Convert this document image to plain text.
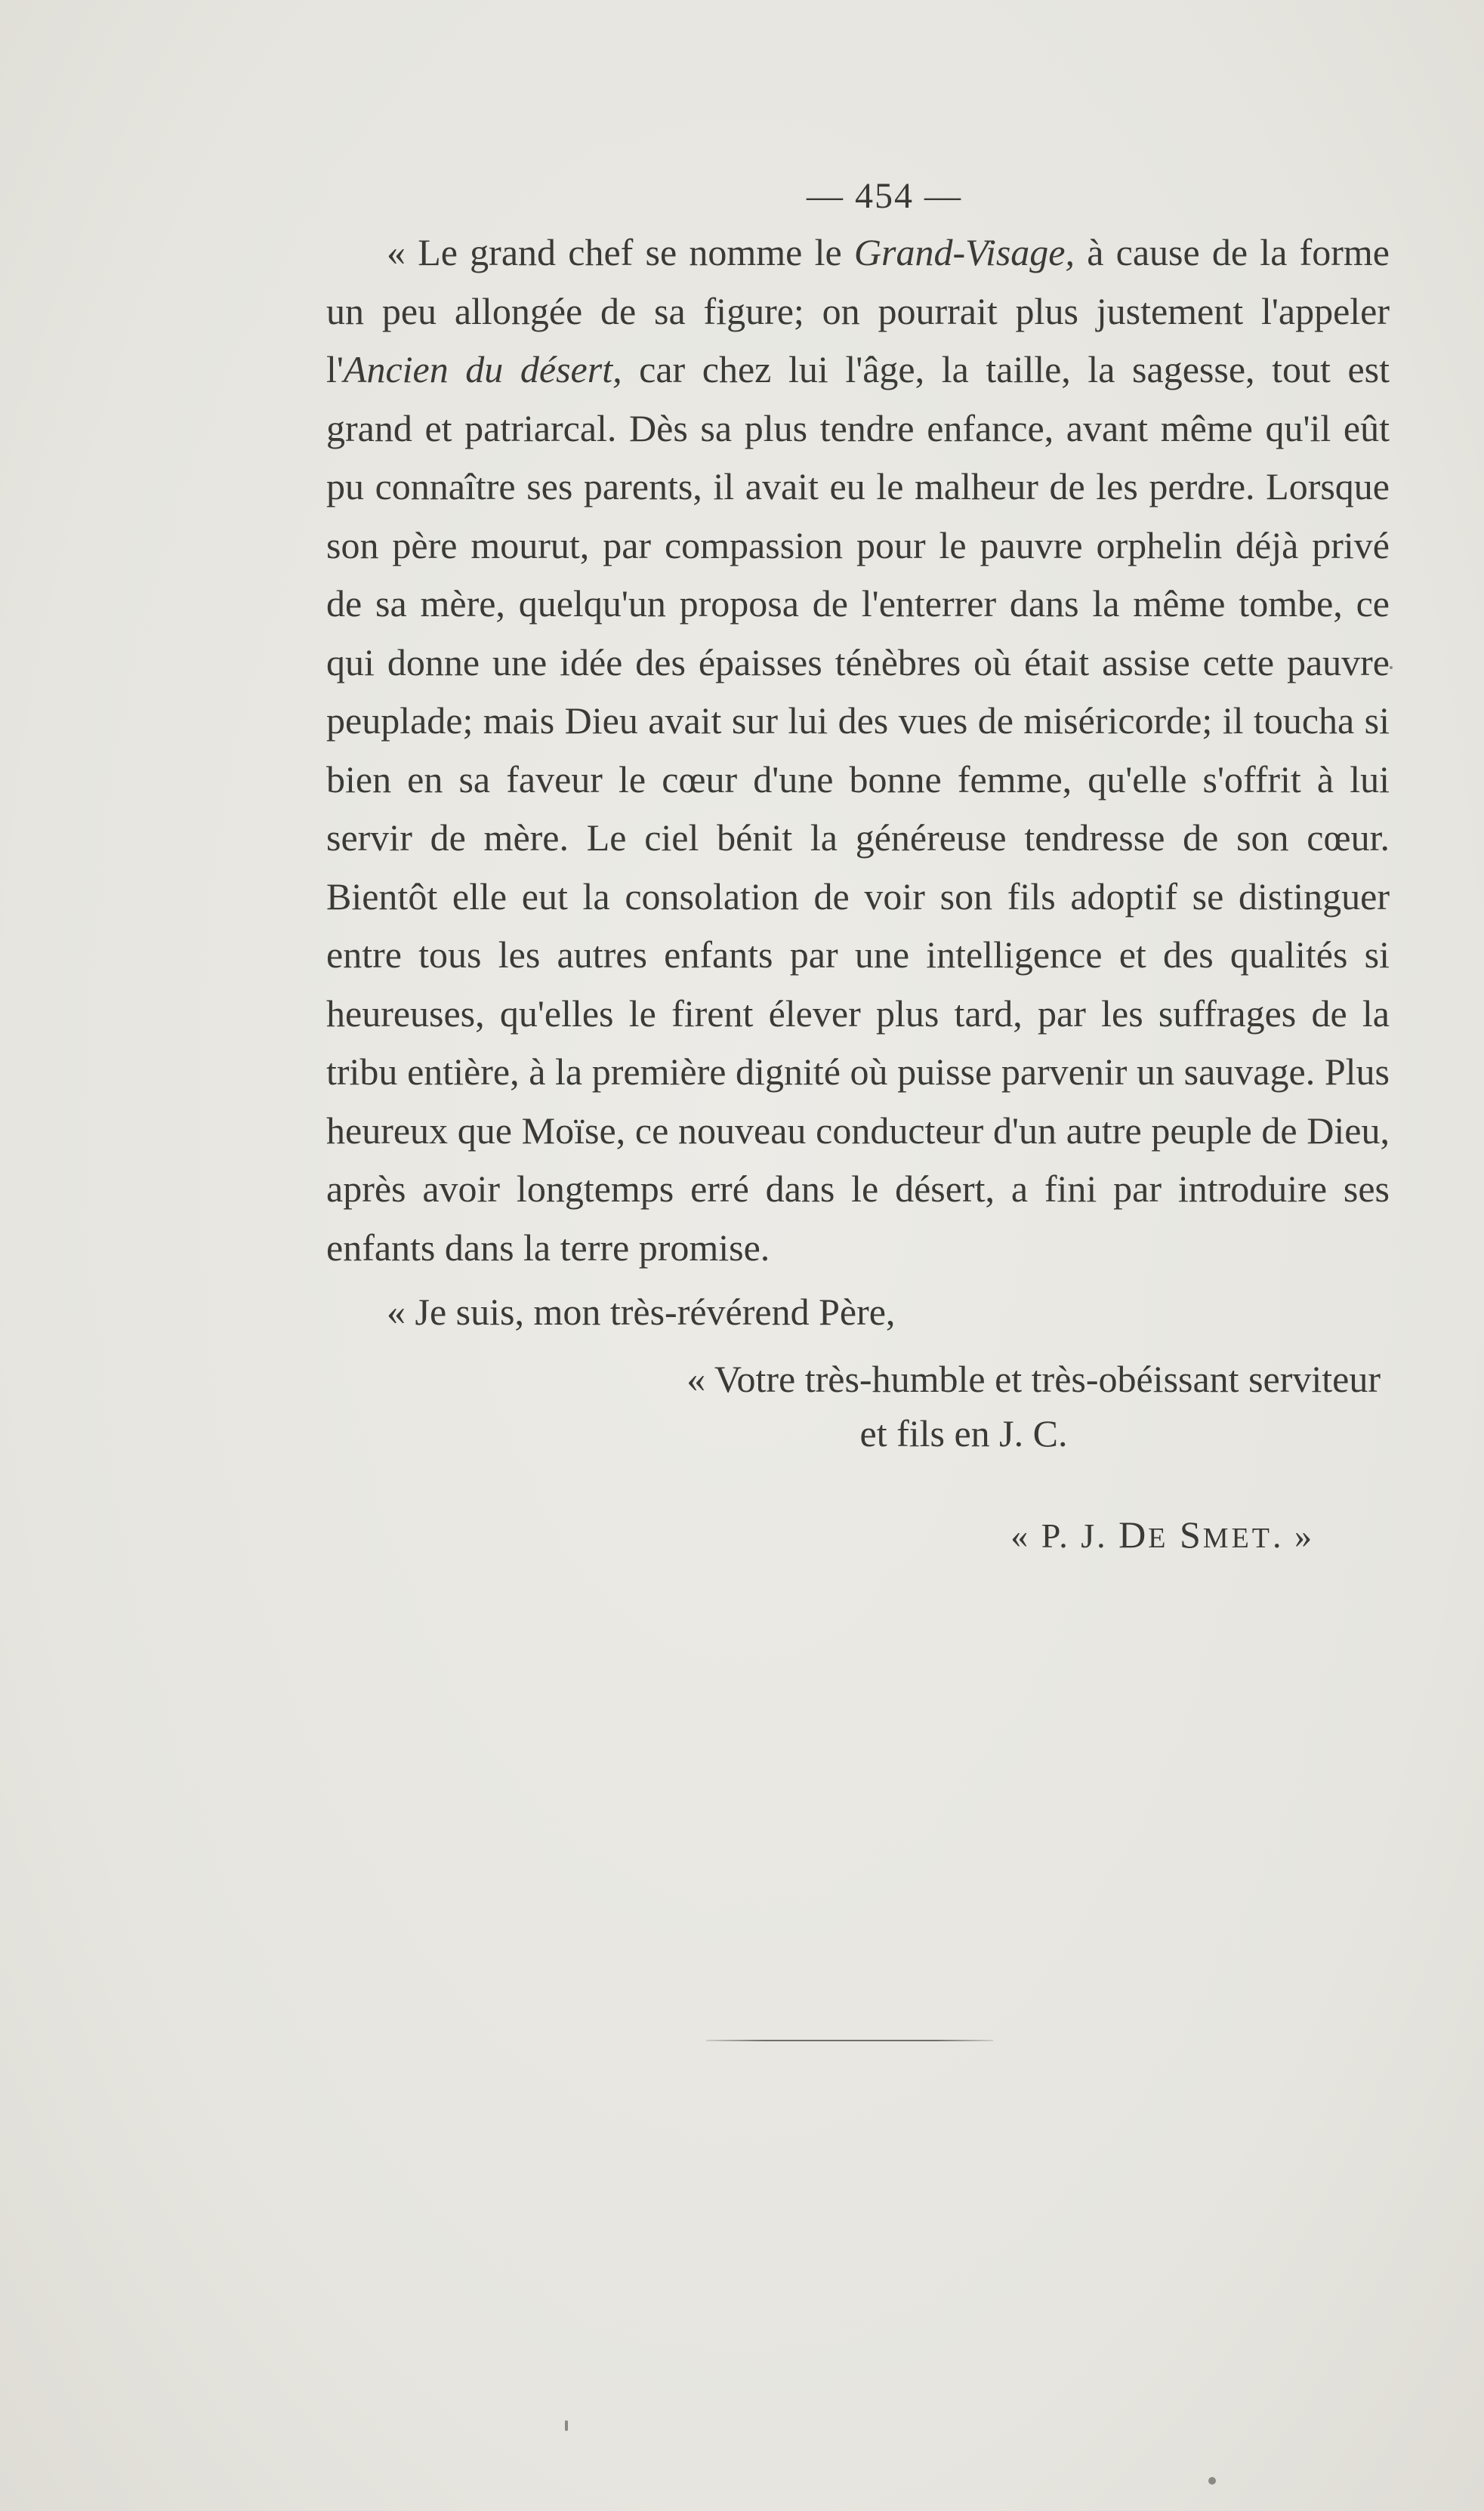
— 454 —

« Le grand chef se nomme le Grand-Visage, à cause de la forme un peu allongée de sa figure; on pourrait plus justement l'appeler l'Ancien du désert, car chez lui l'âge, la taille, la sagesse, tout est grand et patriarcal. Dès sa plus tendre enfance, avant même qu'il eût pu connaître ses parents, il avait eu le malheur de les perdre. Lorsque son père mourut, par compassion pour le pauvre orphelin déjà privé de sa mère, quelqu'un proposa de l'enterrer dans la même tombe, ce qui donne une idée des épaisses ténèbres où était assise cette pauvre peuplade; mais Dieu avait sur lui des vues de miséricorde; il toucha si bien en sa faveur le cœur d'une bonne femme, qu'elle s'offrit à lui servir de mère. Le ciel bénit la généreuse tendresse de son cœur. Bientôt elle eut la consolation de voir son fils adoptif se distinguer entre tous les autres enfants par une intelligence et des qualités si heureuses, qu'elles le firent élever plus tard, par les suffrages de la tribu entière, à la première dignité où puisse parvenir un sauvage. Plus heureux que Moïse, ce nouveau conducteur d'un autre peuple de Dieu, après avoir longtemps erré dans le désert, a fini par introduire ses enfants dans la terre promise.

« Je suis, mon très-révérend Père,
« Votre très-humble et très-obéissant serviteur
et fils en J. C.
« P. J. DE SMET. »
